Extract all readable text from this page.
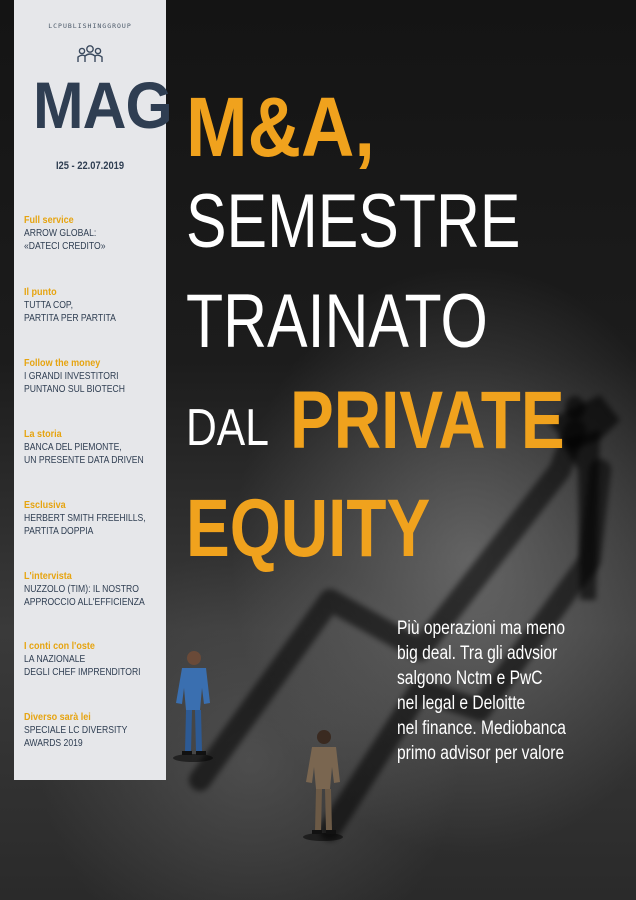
LCPUBLISHINGGROUP
MAG
I25 - 22.07.2019
Full service
ARROW GLOBAL:
«DATECI CREDITO»
Il punto
TUTTA COP,
PARTITA PER PARTITA
Follow the money
I GRANDI INVESTITORI
PUNTANO SUL BIOTECH
La storia
BANCA DEL PIEMONTE,
UN PRESENTE DATA DRIVEN
Esclusiva
HERBERT SMITH FREEHILLS,
PARTITA DOPPIA
L'intervista
NUZZOLO (TIM): IL NOSTRO
APPROCCIO ALL'EFFICIENZA
I conti con l'oste
LA NAZIONALE
DEGLI CHEF IMPRENDITORI
Diverso sarà lei
SPECIALE LC DIVERSITY
AWARDS 2019
M&A,
SEMESTRE
TRAINATO
DAL PRIVATE
EQUITY
Più operazioni ma meno
big deal. Tra gli advsior
salgono Nctm e PwC
nel legal e Deloitte
nel finance. Mediobanca
primo advisor per valore
